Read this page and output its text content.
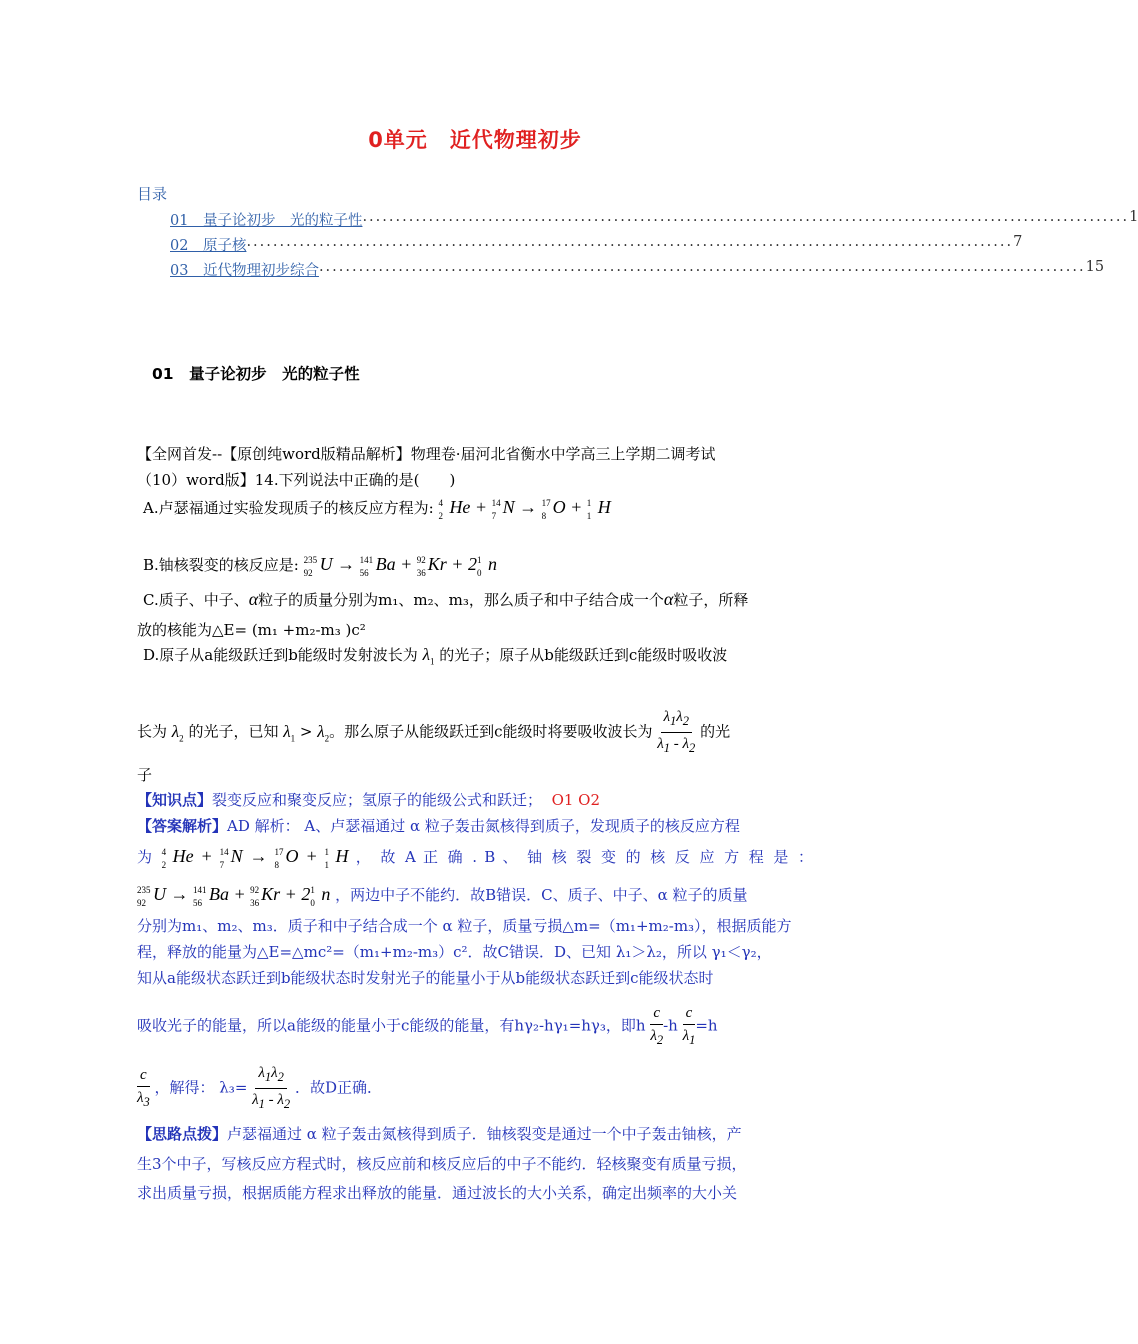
0单元　近代物理初步
目录
01　量子论初步　光的粒子性 .................................................................................................................... 1
02　原子核 .................................................................................................................... 7
03　近代物理初步综合 .................................................................................................................... 15
01　量子论初步　光的粒子性
【全网首发--【原创纯word版精品解析】物理卷·届河北省衡水中学高三上学期二调考试
（10）word版】14.下列说法中正确的是(　　)
A.卢瑟福通过实验发现质子的核反应方程为: 4
2 He + 14
7 N → 17
8 O + 1
1 H
B.铀核裂变的核反应是: 235
92 U → 141
56 Ba + 92
36 Kr + 2 1
0 n
C.质子、中子、α粒子的质量分别为m₁、m₂、m₃，那么质子和中子结合成一个α粒子，所释
放的核能为△E= (m₁ +m₂-m₃ )c²
D.原子从a能级跃迁到b能级时发射波长为 $\lambda_1$ 的光子；原子从b能级跃迁到c能级时吸收波
长为 $\lambda_2$ 的光子，已知 $\lambda_1 > \lambda_2$。那么原子从能级跃迁到c能级时将要吸收波长为 $\frac{\lambda_1\lambda_2}{\lambda_1 - \lambda_2}$ 的光
子
【知识点】裂变反应和聚变反应；氢原子的能级公式和跃迁； O1 O2
【答案解析】AD 解析： A、卢瑟福通过 α 粒子轰击氮核得到质子，发现质子的核反应方程
为 4
2 He + 14
7 N → 17
8 O + 1
1 H ， 故 A 正 确 . B 、 铀 核 裂 变 的 核 反 应 方 程 是 ：
235
92 U → 141
56 Ba + 92
36 Kr + 2 1
0 n ，两边中子不能约．故B错误．C、质子、中子、α 粒子的质量
分别为m₁、m₂、m₃．质子和中子结合成一个 α 粒子，质量亏损△m=（m₁+m₂-m₃），根据质能方
程，释放的能量为△E=△mc²=（m₁+m₂-m₃）c²．故C错误．D、已知 λ₁＞λ₂，所以 γ₁＜γ₂，
知从a能级状态跃迁到b能级状态时发射光子的能量小于从b能级状态跃迁到c能级状态时
吸收光子的能量，所以a能级的能量小于c能级的能量，有hγ₂-hγ₁=hγ₃，即h $\frac{c}{\lambda_2} -h \frac{c}{\lambda_1} =h$
$\frac{c}{\lambda_3}$ ，解得： $\lambda_3= \frac{\lambda_1\lambda_2}{\lambda_1 - \lambda_2}$ ．故D正确．
【思路点拨】卢瑟福通过 α 粒子轰击氮核得到质子．铀核裂变是通过一个中子轰击铀核，产
生3个中子，写核反应方程式时，核反应前和核反应后的中子不能约．轻核聚变有质量亏损，
求出质量亏损，根据质能方程求出释放的能量．通过波长的大小关系，确定出频率的大小关
